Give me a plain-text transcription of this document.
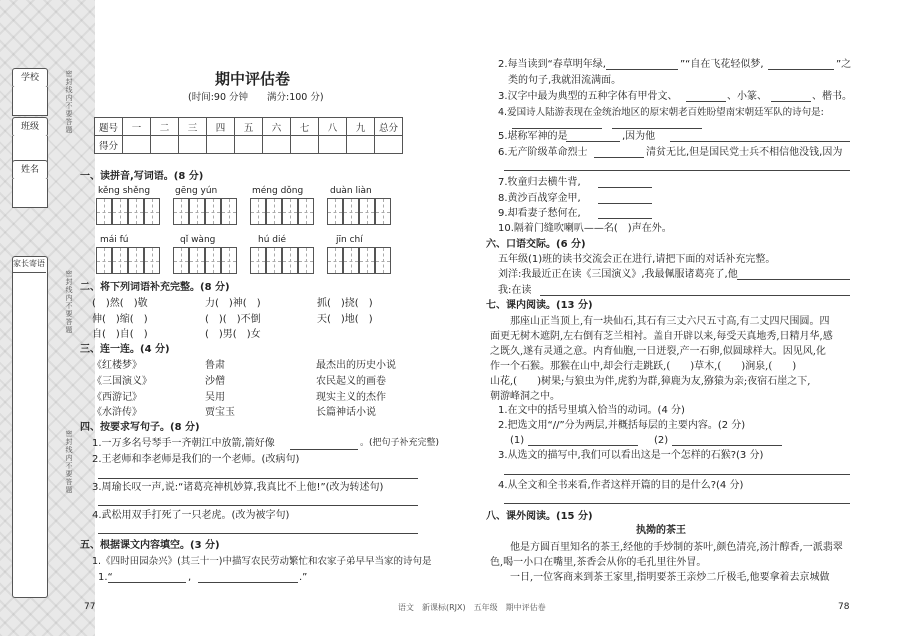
学校
班级
姓名
家长寄语
密封线内不要答题
密封线内不要答题
密封线内不要答题
期中评估卷
(时间:90 分钟　　满分:100 分)
题号	一	二	三	四	五	六	七	八	九	总分
得分										
一、读拼音,写词语。(8 分)
kěng shěng	gēng yún	méng dǒng	duàn liàn
mái fú	qǐ wàng	hú dié	jīn chí
二、将下列词语补充完整。(8 分)
(　)然(　)敬	力(　)神(　)	抓(　)挠(　)
伸(　)缩(　)	(　)(　)不倒	天(　)地(　)
自(　)自(　)	(　)男(　)女
三、连一连。(4 分)
《红楼梦》	鲁肃	最杰出的历史小说
《三国演义》	沙僧	农民起义的画卷
《西游记》	吴用	现实主义的杰作
《水浒传》	贾宝玉	长篇神话小说
四、按要求写句子。(8 分)
1.一万多名号琴手一齐朝江中放箭,箭好像	。(把句子补充完整)
2.王老师和李老师是我们的一个老师。(改病句)
3.周瑜长叹一声,说:“诸葛亮神机妙算,我真比不上他!”(改为转述句)
4.武松用双手打死了一只老虎。(改为被字句)
五、根据课文内容填空。(3 分)
1.《四时田园杂兴》(其三十一)中描写农民劳动繁忙和农家子弟早早当家的诗句是
1.“	,	.”
77
2.每当读到“春草明年绿,	”“自在飞花轻似梦,	”之
类的句子,我就泪流满面。
3.汉字中最为典型的五种字体有甲骨文、	、小篆、	、楷书。
4.爱国诗人陆游表现在金统治地区的原宋朝老百姓盼望南宋朝廷军队的诗句是:
5.堪称军神的是	,因为他
6.无产阶级革命烈士	清贫无比,但是国民党士兵不相信他没钱,因为
7.牧童归去横牛背,
8.黄沙百战穿金甲,
9.却看妻子愁何在,
10.隔着门缝吹喇叭——名(　)声在外。
六、口语交际。(6 分)
五年级(1)班的读书交流会正在进行,请把下面的对话补充完整。
刘洋:我最近正在读《三国演义》,我最佩服诸葛亮了,他
我:在读
七、课内阅读。(13 分)
　　那座山正当顶上,有一块仙石,其石有三丈六尺五寸高,有二丈四尺围圆。四
面更无树木遮阴,左右倒有芝兰相衬。盖自开辟以来,每受天真地秀,日精月华,感
之既久,遂有灵通之意。内育仙胞,一日迸裂,产一石卵,似圆球样大。因见风,化
作一个石猴。那猴在山中,却会行走跳跃,(　　)草木,(　　)涧泉,(　　)
山花,(　　)树果;与狼虫为伴,虎豹为群,獐鹿为友,猕猿为亲;夜宿石崖之下,
朝游峰洞之中。
1.在文中的括号里填入恰当的动词。(4 分)
2.把选文用“//”分为两层,并概括每层的主要内容。(2 分)
(1)	(2)
3.从选文的描写中,我们可以看出这是一个怎样的石猴?(3 分)
4.从全文和全书来看,作者这样开篇的目的是什么?(4 分)
八、课外阅读。(15 分)
执拗的茶王
　　他是方圆百里知名的茶王,经他的手炒制的茶叶,颜色清亮,汤汁醇香,一派翡翠
色,喝一小口在嘴里,茶香会从你的毛孔里往外冒。
　　一日,一位客商来到茶王家里,指明要茶王亲炒二斤极毛,他要拿着去京城做
78
语文　新课标(RJX)　五年级　期中评估卷
